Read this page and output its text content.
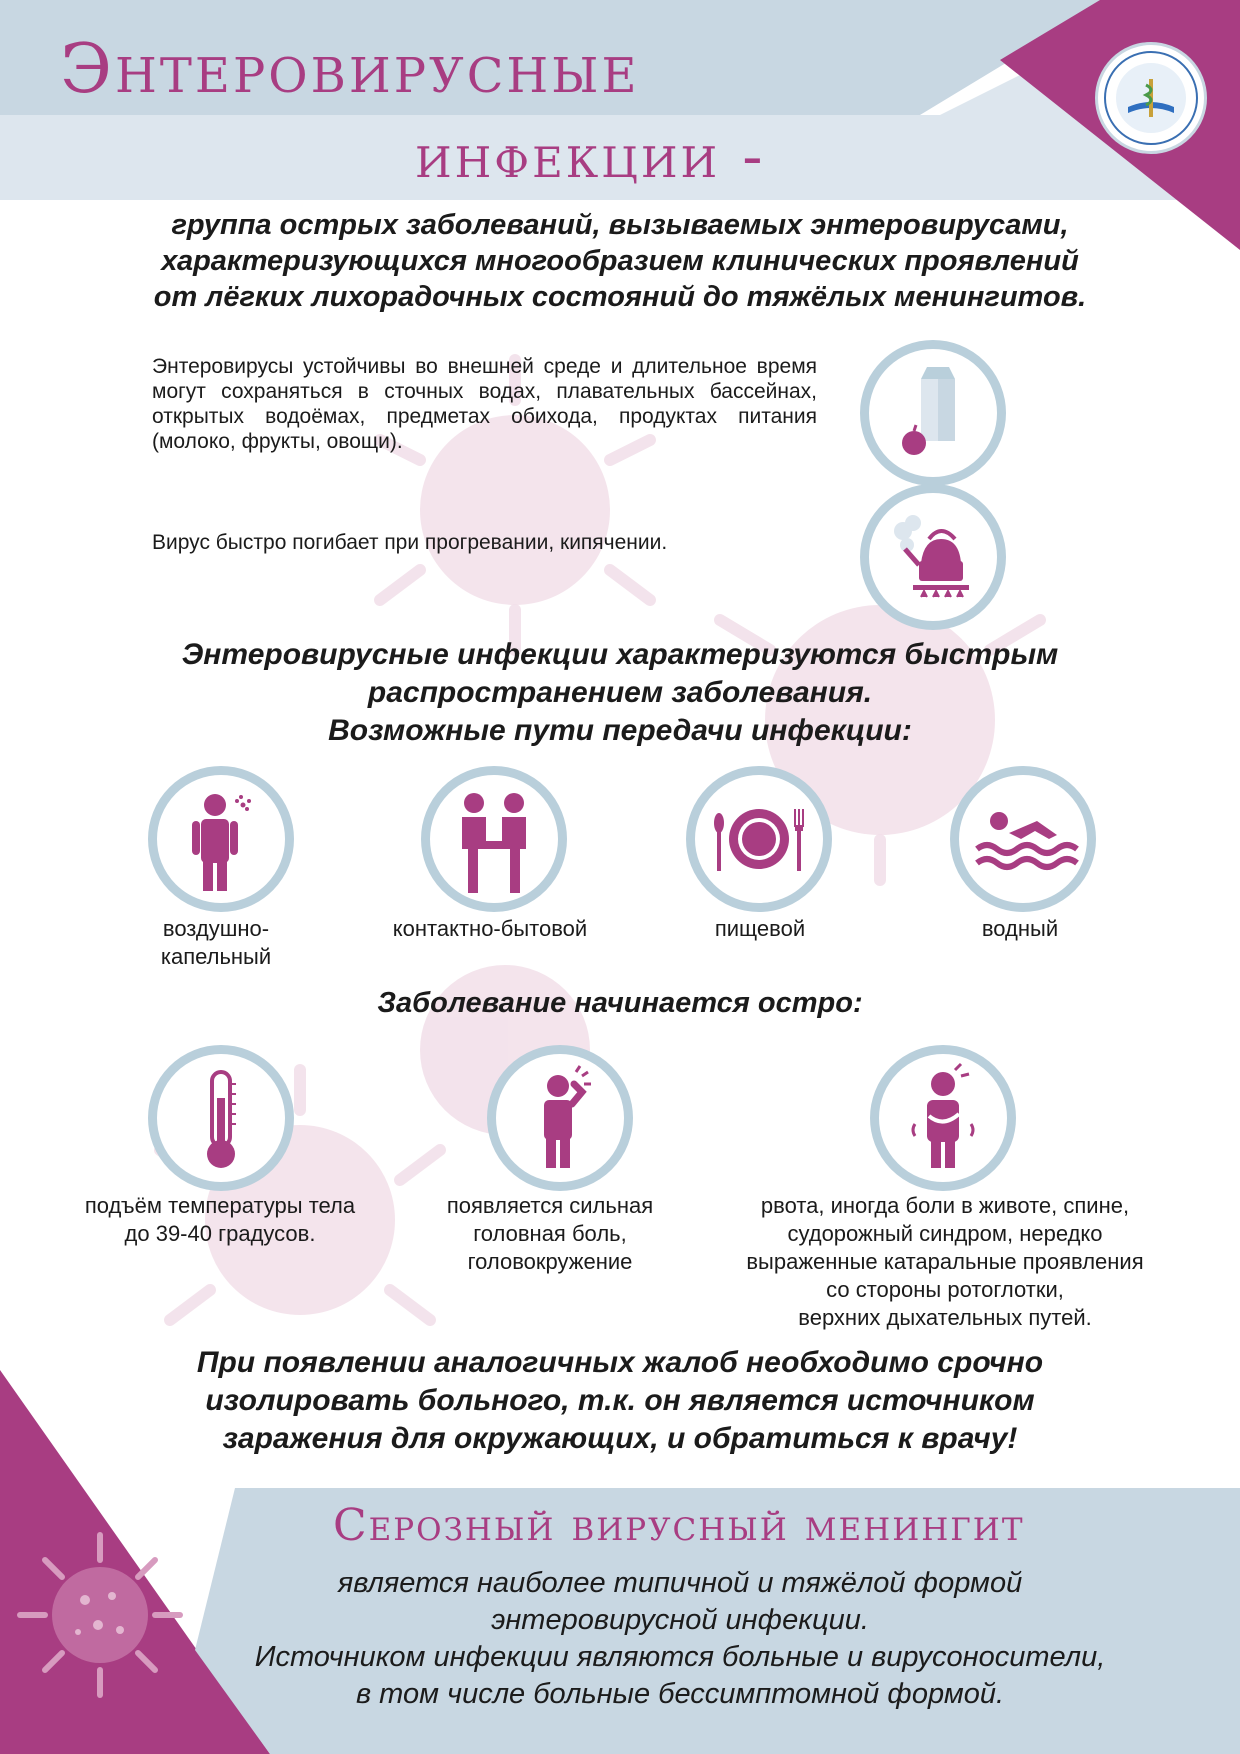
Энтеровирусные
инфекции -
группа острых заболеваний, вызываемых энтеровирусами,
характеризующихся многообразием клинических проявлений
от лёгких лихорадочных состояний до тяжёлых менингитов.
Энтеровирусы устойчивы во внешней среде и длительное время могут сохраняться в сточных водах, плавательных бассейнах, открытых водоёмах, предметах обихода, продуктах питания (молоко, фрукты, овощи).
Вирус быстро погибает при прогревании, кипячении.
Энтеровирусные инфекции характеризуются быстрым
распространением заболевания.
Возможные пути передачи инфекции:
воздушно-
капельный
контактно-бытовой	пищевой	водный
Заболевание начинается остро:
подъём температуры тела
до 39-40 градусов.
появляется сильная
головная боль,
головокружение
рвота, иногда боли в животе, спине,
судорожный синдром, нередко
выраженные катаральные проявления
со стороны ротоглотки,
верхних дыхательных путей.
При появлении аналогичных жалоб необходимо срочно
изолировать больного, т.к. он является источником
заражения для окружающих, и обратиться к врачу!
Серозный вирусный менингит
является наиболее типичной и тяжёлой формой
энтеровирусной инфекции.
Источником инфекции являются больные и вирусоносители,
в том числе больные бессимптомной формой.
